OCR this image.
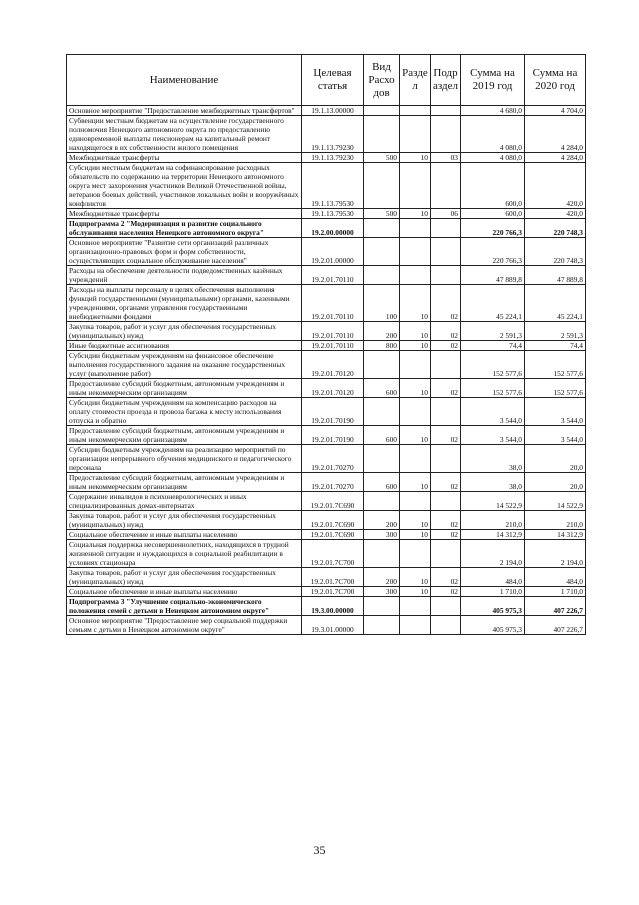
Наименование	Целевая статья	Вид Расхо дов	Разде л	Подр аздел	Сумма на 2019 год	Сумма на 2020 год
Основное мероприятие "Предоставление межбюджетных трансфертов"	19.1.13.00000				4 680,0	4 704,0
Субвенции местным бюджетам на осуществление государственного полномочия Ненецкого автономного округа по предоставлению единовременной выплаты пенсионерам на капитальный ремонт находящегося в их собственности жилого помещения	19.1.13.79230				4 080,0	4 284,0
Межбюджетные трансферты	19.1.13.79230	500	10	03	4 080,0	4 284,0
Субсидии местным бюджетам на софинансирование расходных обязательств по содержанию на территории Ненецкого автономного округа мест захоронения участников Великой Отечественной войны, ветеранов боевых действий, участников локальных войн и вооружённых конфликтов	19.1.13.79530				600,0	420,0
Межбюджетные трансферты	19.1.13.79530	500	10	06	600,0	420,0
Подпрограмма 2 "Модернизация и развитие социального обслуживания населения Ненецкого автономного округа"	19.2.00.00000				220 766,3	220 748,3
Основное мероприятие "Развитие сети организаций различных организационно-правовых форм и форм собственности, осуществляющих социальное обслуживание населения"	19.2.01.00000				220 766,3	220 748,3
Расходы на обеспечение деятельности подведомственных казённых учреждений	19.2.01.70110				47 889,8	47 889,8
Расходы на выплаты персоналу в целях обеспечения выполнения функций государственными (муниципальными) органами, казенными учреждениями, органами управления государственными внебюджетными фондами	19.2.01.70110	100	10	02	45 224,1	45 224,1
Закупка товаров, работ и услуг для обеспечения государственных (муниципальных) нужд	19.2.01.70110	200	10	02	2 591,3	2 591,3
Иные бюджетные ассигнования	19.2.01.70110	800	10	02	74,4	74,4
Субсидии бюджетным учреждениям на финансовое обеспечение выполнения государственного задания на оказание государственных услуг (выполнение работ)	19.2.01.70120				152 577,6	152 577,6
Предоставление субсидий бюджетным, автономным учреждениям и иным некоммерческим организациям	19.2.01.70120	600	10	02	152 577,6	152 577,6
Субсидии бюджетным учреждениям на компенсацию расходов на оплату стоимости проезда и провоза багажа к месту использования отпуска и обратно	19.2.01.70190				3 544,0	3 544,0
Предоставление субсидий бюджетным, автономным учреждениям и иным некоммерческим организациям	19.2.01.70190	600	10	02	3 544,0	3 544,0
Субсидии бюджетным учреждениям на реализацию мероприятий по организации непрерывного обучения медицинского и педагогического персонала	19.2.01.70270				38,0	20,0
Предоставление субсидий бюджетным, автономным учреждениям и иным некоммерческим организациям	19.2.01.70270	600	10	02	38,0	20,0
Содержание инвалидов в психоневрологических и иных специализированных домах-интернатах	19.2.01.7С690				14 522,9	14 522,9
Закупка товаров, работ и услуг для обеспечения государственных (муниципальных) нужд	19.2.01.7С690	200	10	02	210,0	210,0
Социальное обеспечение и иные выплаты населению	19.2.01.7С690	300	10	02	14 312,9	14 312,9
Социальная поддержка несовершеннолетних, находящихся в трудной жизненной ситуации и нуждающихся в социальной реабилитации в условиях стационара	19.2.01.7С700				2 194,0	2 194,0
Закупка товаров, работ и услуг для обеспечения государственных (муниципальных) нужд	19.2.01.7С700	200	10	02	484,0	484,0
Социальное обеспечение и иные выплаты населению	19.2.01.7С700	300	10	02	1 710,0	1 710,0
Подпрограмма 3 "Улучшение социально-экономического положения семей с детьми в Ненецком автономном округе"	19.3.00.00000				405 975,3	407 226,7
Основное мероприятие "Предоставление мер социальной поддержки семьям с детьми в Ненецком автономном округе"	19.3.01.00000				405 975,3	407 226,7
35
